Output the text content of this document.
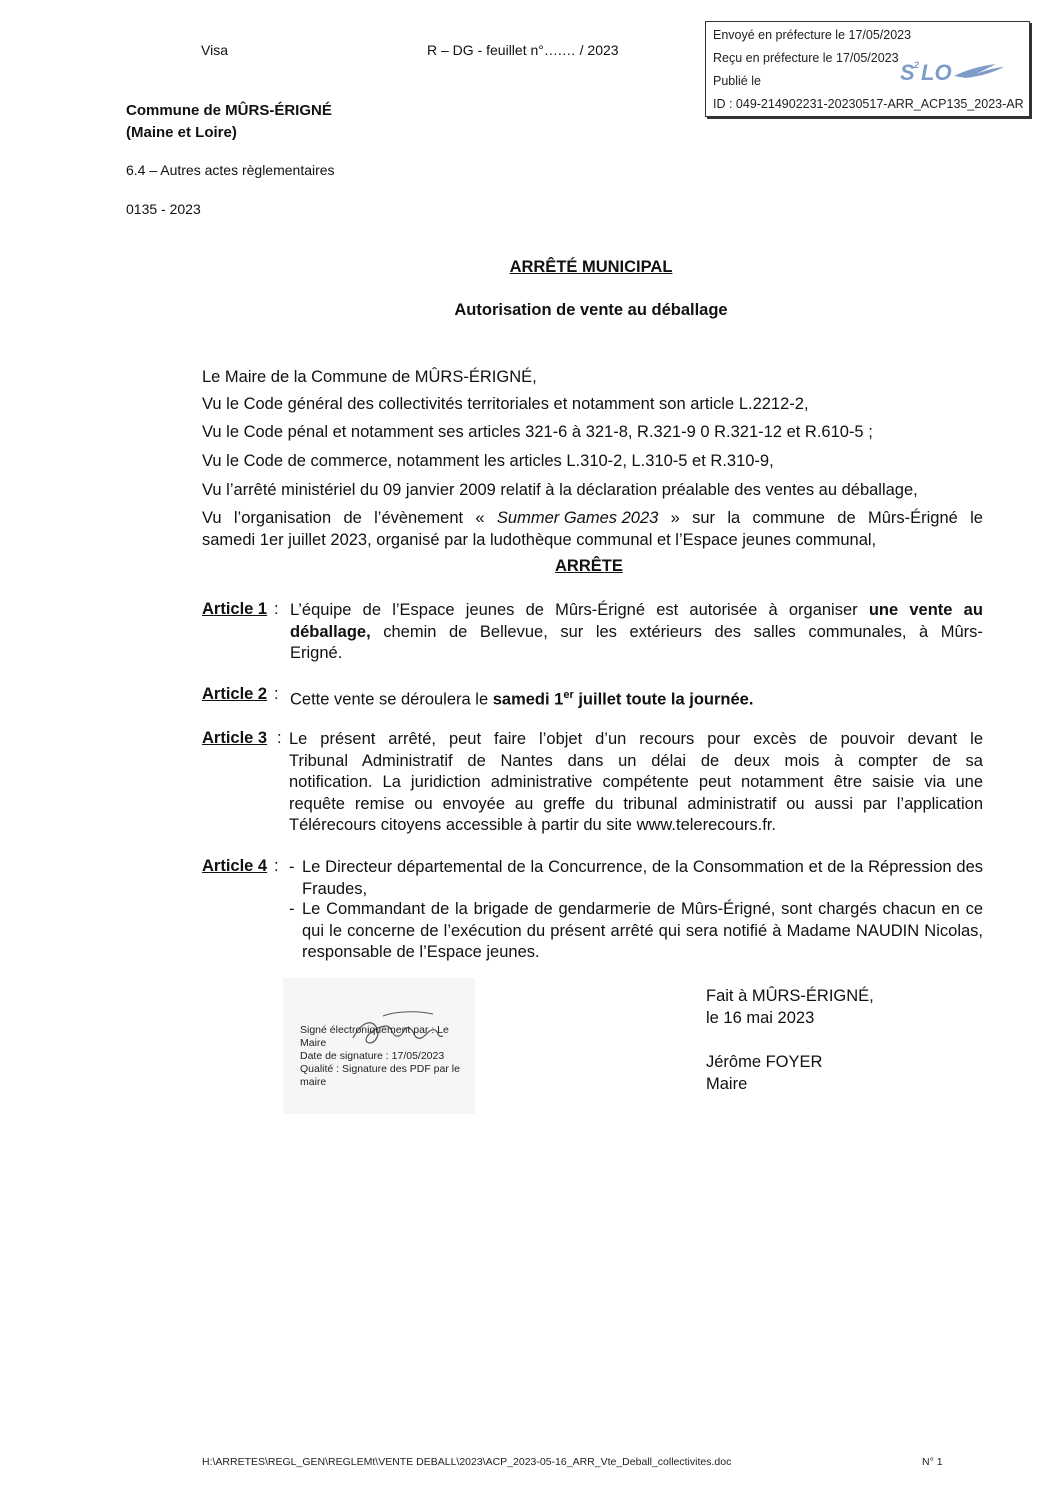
Visa	R – DG - feuillet n°….… / 2023
Commune de MÛRS-ÉRIGNÉ
(Maine et Loire)
6.4 – Autres actes règlementaires
0135 - 2023
Envoyé en préfecture le 17/05/2023
Reçu en préfecture le 17/05/2023
Publié le
ID : 049-214902231-20230517-ARR_ACP135_2023-AR
S 2 LO
ARRÊTÉ MUNICIPAL
Autorisation de vente au déballage
Le Maire de la Commune de MÛRS-ÉRIGNÉ,
Vu le Code général des collectivités territoriales et notamment son article L.2212-2,
Vu le Code pénal et notamment ses articles 321-6 à 321-8, R.321-9 0 R.321-12 et R.610-5 ;
Vu le Code de commerce, notamment les articles L.310-2, L.310-5 et R.310-9,
Vu l’arrêté ministériel du 09 janvier 2009 relatif à la déclaration préalable des ventes au déballage,
Vu l’organisation de l’évènement « Summer Games 2023 » sur la commune de Mûrs-Érigné le
samedi 1er juillet 2023, organisé par la ludothèque communal et l’Espace jeunes communal,
ARRÊTE
Article 1 : L’équipe de l’Espace jeunes de Mûrs-Érigné est autorisée à organiser une vente au
déballage, chemin de Bellevue, sur les extérieurs des salles communales, à Mûrs-
Erigné.
Article 2 : Cette vente se déroulera le samedi 1er juillet toute la journée.
Article 3 : Le présent arrêté, peut faire l’objet d’un recours pour excès de pouvoir devant le
Tribunal Administratif de Nantes dans un délai de deux mois à compter de sa
notification. La juridiction administrative compétente peut notamment être saisie via une
requête remise ou envoyée au greffe du tribunal administratif ou aussi par l’application
Télérecours citoyens accessible à partir du site www.telerecours.fr.
Article 4 : - Le Directeur départemental de la Concurrence, de la Consommation et de la Répression des Fraudes,
- Le Commandant de la brigade de gendarmerie de Mûrs-Érigné, sont chargés chacun en ce qui le concerne de l’exécution du présent arrêté qui sera notifié à Madame NAUDIN Nicolas, responsable de l’Espace jeunes.
Fait à MÛRS-ÉRIGNÉ,
le 16 mai 2023
Jérôme FOYER
Maire
Signé électroniquement par : Le
Maire
Date de signature : 17/05/2023
Qualité : Signature des PDF par le
maire
H:\ARRETES\REGL_GEN\REGLEMt\VENTE DEBALL\2023\ACP_2023-05-16_ARR_Vte_Deball_collectivites.doc	N° 1
